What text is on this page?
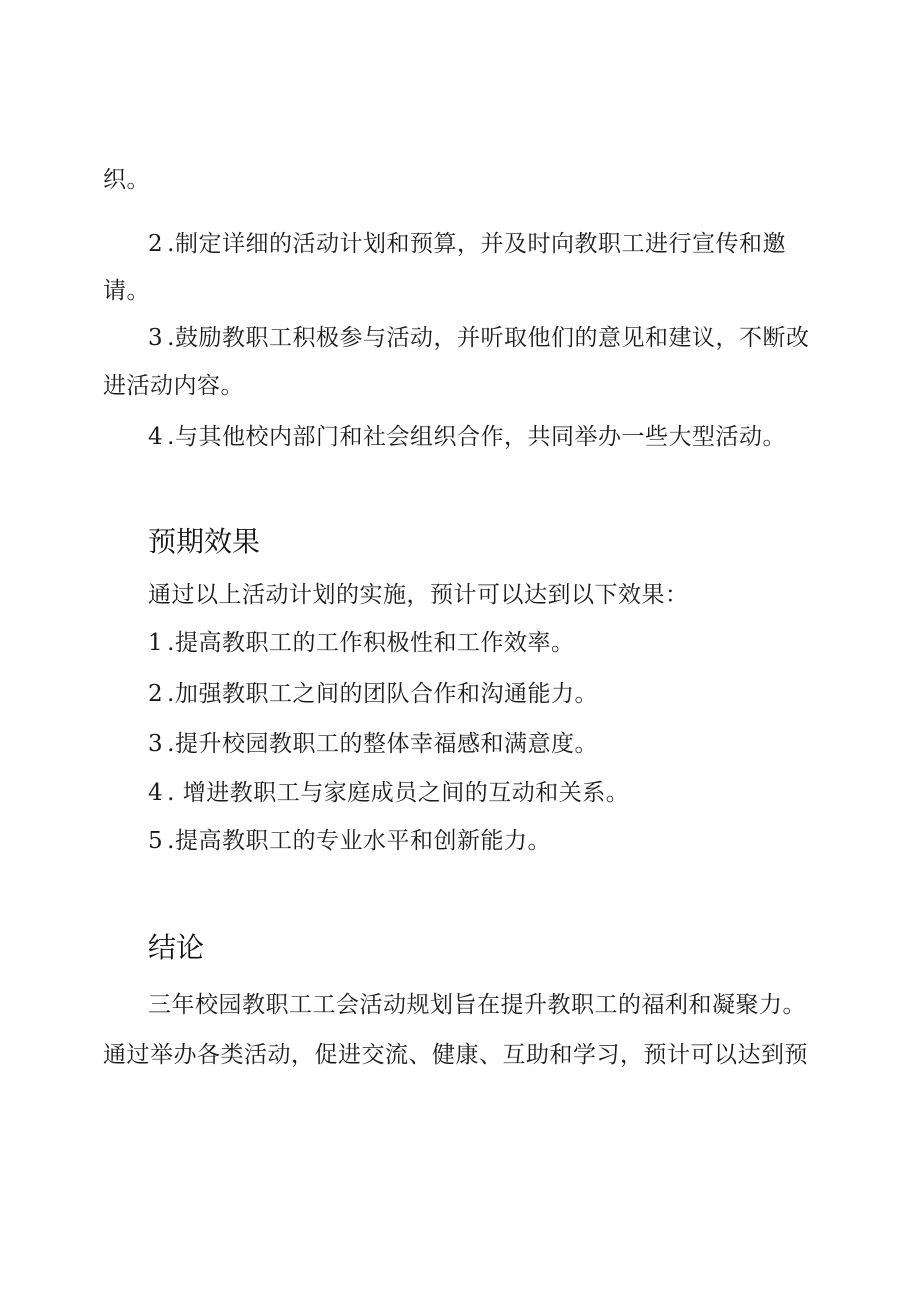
织。
2 .制定详细的活动计划和预算，并及时向教职工进行宣传和邀
请。
3 .鼓励教职工积极参与活动，并听取他们的意见和建议，不断改
进活动内容。
4 .与其他校内部门和社会组织合作，共同举办一些大型活动。
预期效果
通过以上活动计划的实施，预计可以达到以下效果：
1 .提高教职工的工作积极性和工作效率。
2 .加强教职工之间的团队合作和沟通能力。
3 .提升校园教职工的整体幸福感和满意度。
4 . 增进教职工与家庭成员之间的互动和关系。
5 .提高教职工的专业水平和创新能力。
结论
三年校园教职工工会活动规划旨在提升教职工的福利和凝聚力。
通过举办各类活动，促进交流、健康、互助和学习，预计可以达到预
